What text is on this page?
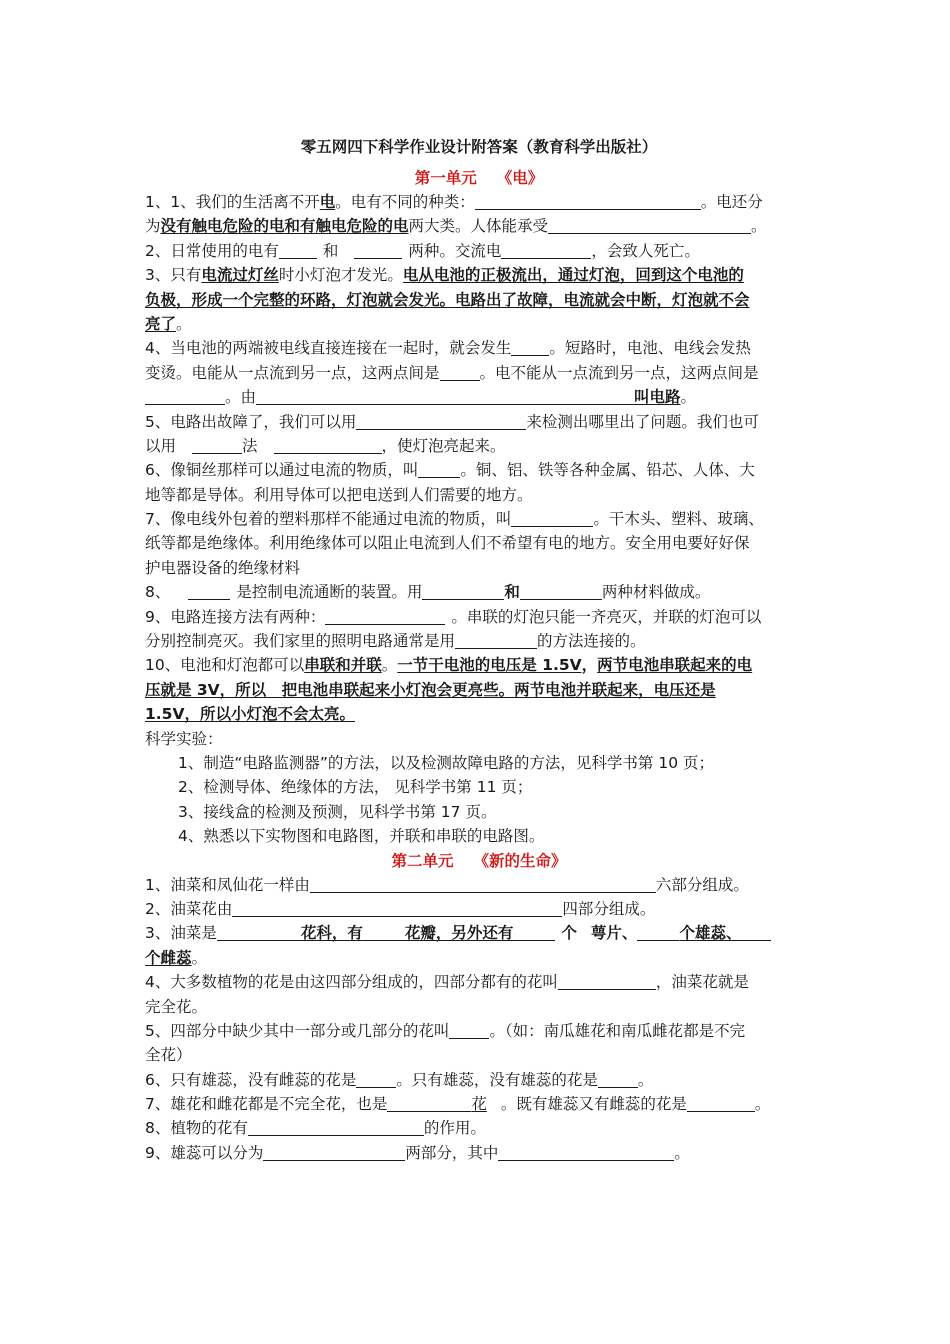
零五网四下科学作业设计附答案（教育科学出版社）
第一单元 《电》
1、1、我们的生活离不开电。电有不同的种类：	。电还分
为没有触电危险的电和有触电危险的电两大类。人体能承受	。
2、日常使用的电有	和	两种。交流电	，会致人死亡。
3、只有电流过灯丝时小灯泡才发光。电从电池的正极流出，通过灯泡，回到这个电池的
负极，形成一个完整的环路，灯泡就会发光。电路出了故障，电流就会中断，灯泡就不会
亮了。
4、当电池的两端被电线直接连接在一起时，就会发生 。短路时，电池、电线会发热
变烫。电能从一点流到另一点，这两点间是	。电不能从一点流到另一点，这两点间是
。由	叫电路。
5、电路出故障了，我们可以用	来检测出哪里出了问题。我们也可
以用	法	，使灯泡亮起来。
6、像铜丝那样可以通过电流的物质，叫	。铜、铝、铁等各种金属、铅芯、人体、大
地等都是导体。利用导体可以把电送到人们需要的地方。
7、像电线外包着的塑料那样不能通过电流的物质，叫	。干木头、塑料、玻璃、
纸等都是绝缘体。利用绝缘体可以阻止电流到人们不希望有电的地方。安全用电要好好保
护电器设备的绝缘材料
8、	是控制电流通断的装置。用	和	两种材料做成。
9、电路连接方法有两种：	。串联的灯泡只能一齐亮灭，并联的灯泡可以
分别控制亮灭。我们家里的照明电路通常是用	的方法连接的。
10、电池和灯泡都可以串联和并联。一节干电池的电压是 1.5V，两节电池串联起来的电
压就是 3V，所以　把电池串联起来小灯泡会更亮些。两节电池并联起来，电压还是
1.5V，所以小灯泡不会太亮。
科学实验：
1、制造“电路监测器”的方法，以及检测故障电路的方法，见科学书第 10 页；
2、检测导体、绝缘体的方法， 见科学书第 11 页；
3、接线盒的检测及预测，见科学书第 17 页。
4、熟悉以下实物图和电路图，并联和串联的电路图。
第二单元 《新的生命》
1、油菜和凤仙花一样由	六部分组成。
2、油菜花由	四部分组成。
3、油菜是	花科，有	花瓣，另外还有	个 萼片、	个雄蕊、
个雌蕊。
4、大多数植物的花是由这四部分组成的，四部分都有的花叫	，油菜花就是
完全花。
5、四部分中缺少其中一部分或几部分的花叫	。（如：南瓜雄花和南瓜雌花都是不完
全花）
6、只有雄蕊，没有雌蕊的花是	。只有雄蕊，没有雄蕊的花是	。
7、雄花和雌花都是不完全花，也是	花 。既有雄蕊又有雌蕊的花是	。
8、植物的花有	的作用。
9、雄蕊可以分为	两部分，其中	。
